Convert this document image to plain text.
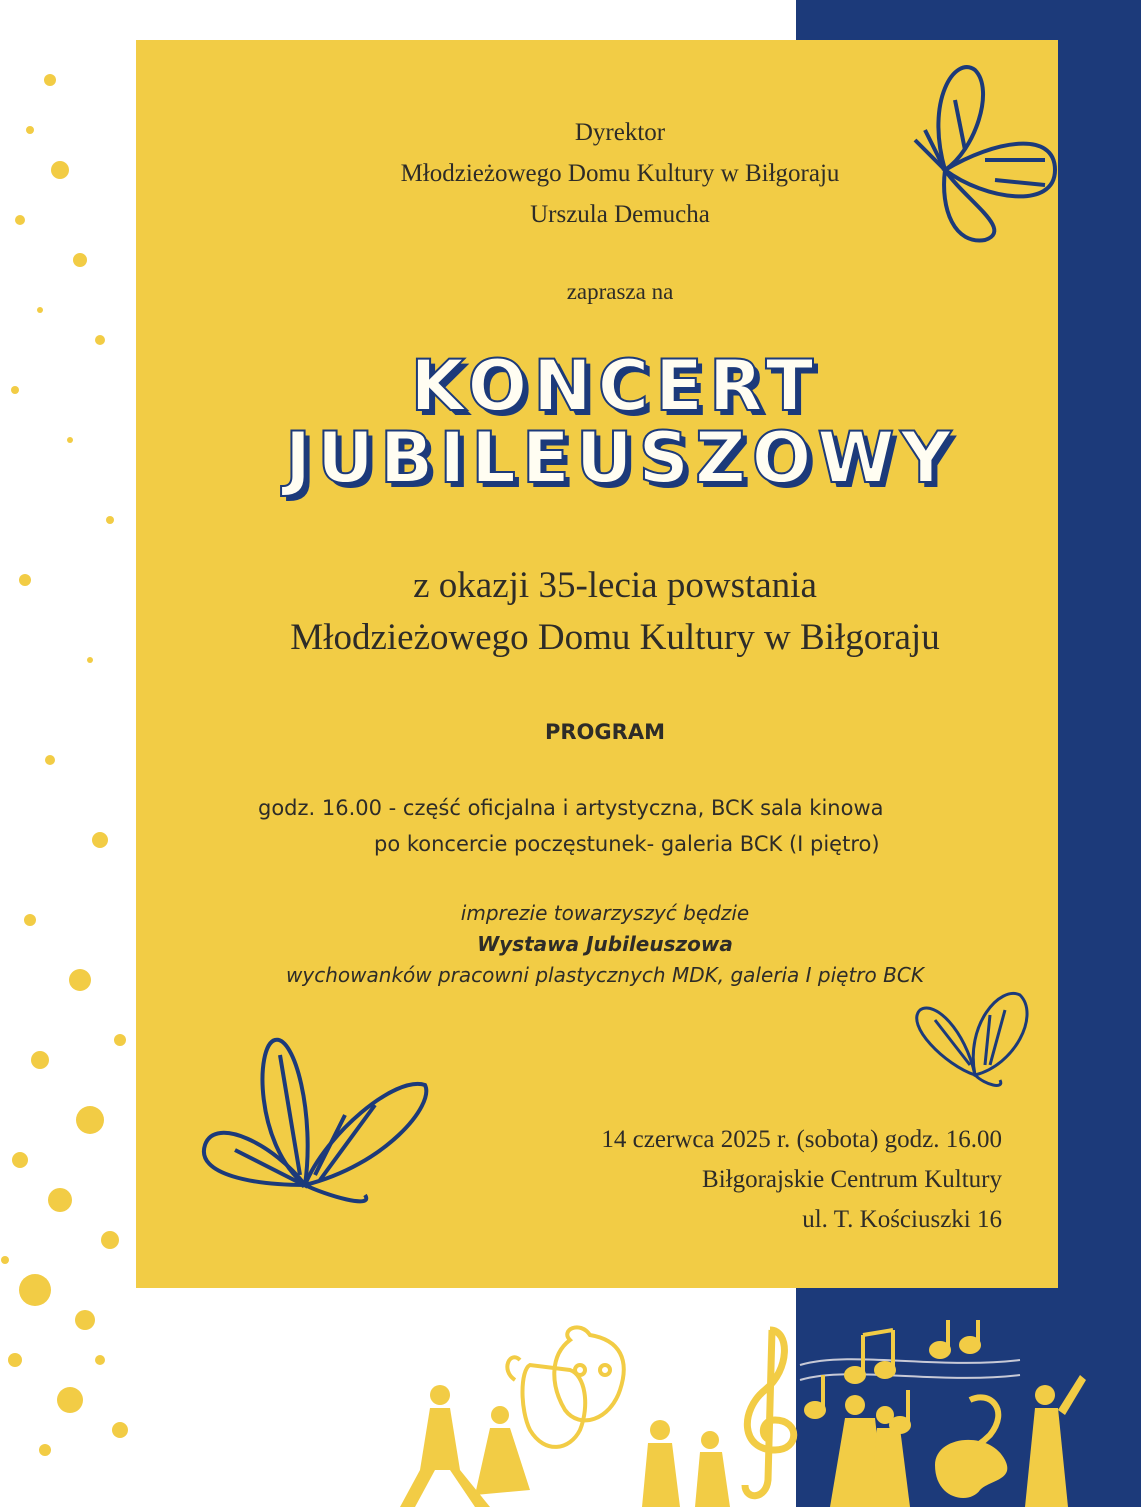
Dyrektor
Młodzieżowego Domu Kultury w Biłgoraju
Urszula Demucha
zaprasza na
KONCERT
JUBILEUSZOWY
z okazji 35-lecia powstania
Młodzieżowego Domu Kultury w Biłgoraju
PROGRAM
godz. 16.00 - część oficjalna i artystyczna, BCK sala kinowa
po koncercie poczęstunek- galeria BCK (I piętro)
imprezie towarzyszyć będzie
Wystawa Jubileuszowa
wychowanków pracowni plastycznych MDK, galeria I piętro BCK
14 czerwca 2025 r. (sobota) godz. 16.00
Biłgorajskie Centrum Kultury
ul. T. Kościuszki 16
